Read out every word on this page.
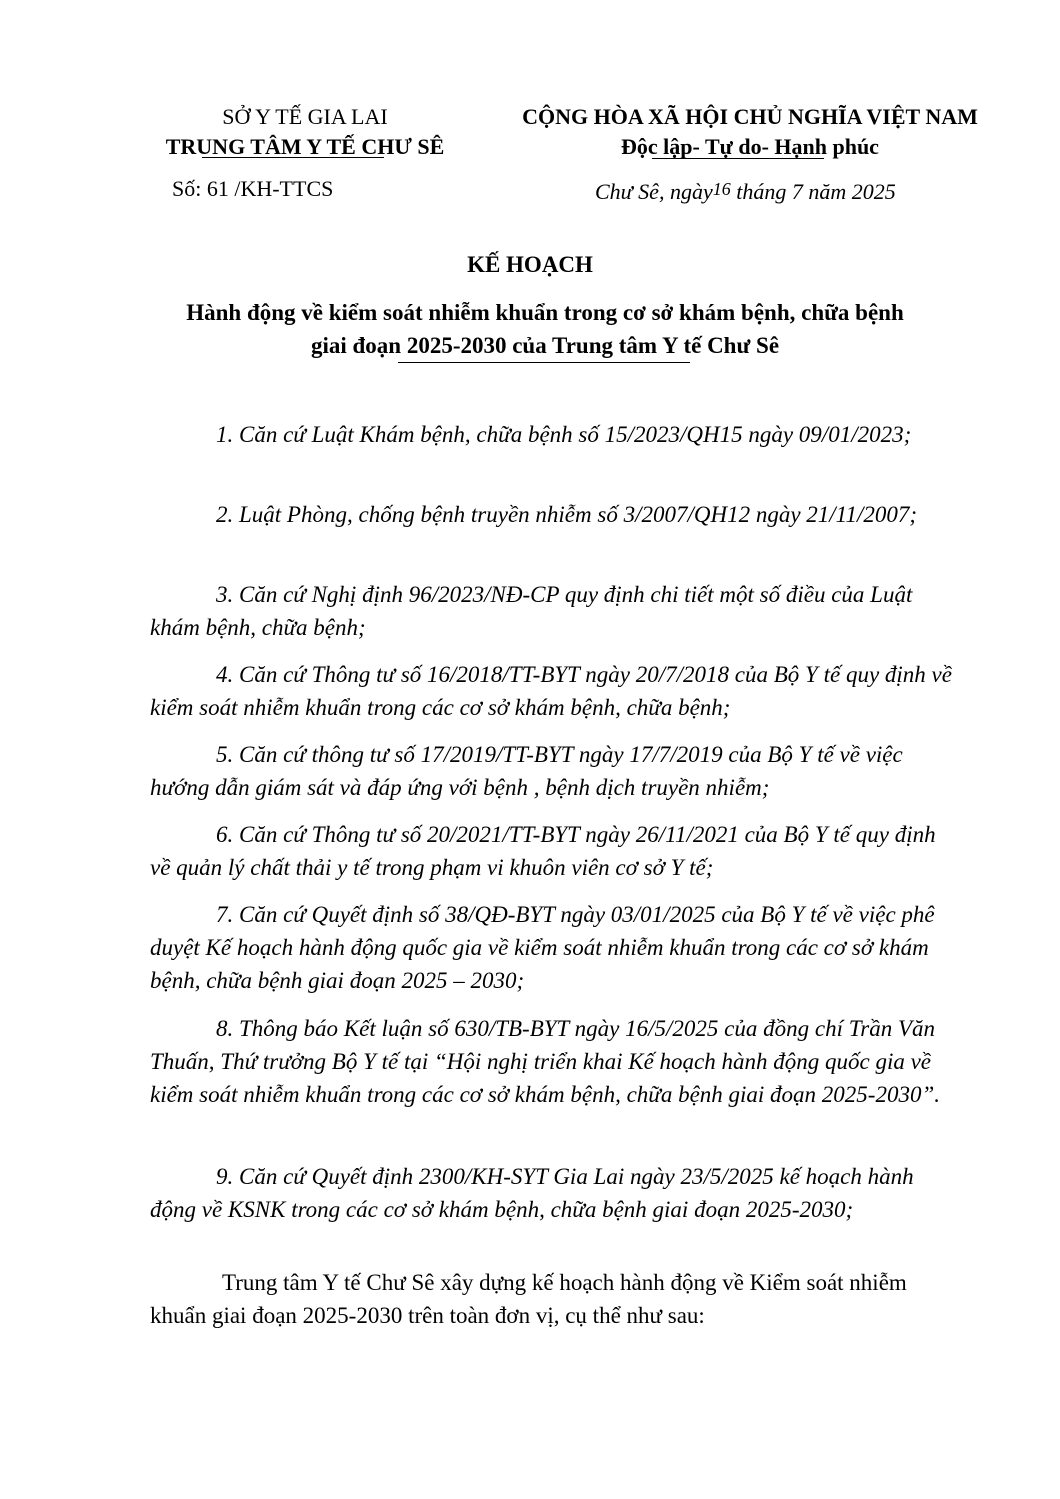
SỞ Y TẾ GIA LAI
TRUNG TÂM Y TẾ CHƯ SÊ
CỘNG HÒA XÃ HỘI CHỦ NGHĨA VIỆT NAM
Độc lập- Tự do- Hạnh phúc
Số: 61 /KH-TTCS	Chư Sê, ngày16 tháng 7 năm 2025
KẾ HOẠCH
Hành động về kiểm soát nhiễm khuẩn trong cơ sở khám bệnh, chữa bệnh
giai đoạn 2025-2030 của Trung tâm Y tế Chư Sê

1. Căn cứ Luật Khám bệnh, chữa bệnh số 15/2023/QH15 ngày 09/01/2023;

2. Luật Phòng, chống bệnh truyền nhiễm số 3/2007/QH12 ngày 21/11/2007;

3. Căn cứ Nghị định 96/2023/NĐ-CP quy định chi tiết một số điều của Luật khám bệnh, chữa bệnh;

4. Căn cứ Thông tư số 16/2018/TT-BYT ngày 20/7/2018 của Bộ Y tế quy định về kiểm soát nhiễm khuẩn trong các cơ sở khám bệnh, chữa bệnh;

5. Căn cứ thông tư số 17/2019/TT-BYT ngày 17/7/2019 của Bộ Y tế về việc hướng dẫn giám sát và đáp ứng với bệnh , bệnh dịch truyền nhiễm;

6. Căn cứ Thông tư số 20/2021/TT-BYT ngày 26/11/2021 của Bộ Y tế quy định về quản lý chất thải y tế trong phạm vi khuôn viên cơ sở Y tế;

7. Căn cứ Quyết định số 38/QĐ-BYT ngày 03/01/2025 của Bộ Y tế về việc phê duyệt Kế hoạch hành động quốc gia về kiểm soát nhiễm khuẩn trong các cơ sở khám bệnh, chữa bệnh giai đoạn 2025 – 2030;

8. Thông báo Kết luận số 630/TB-BYT ngày 16/5/2025 của đồng chí Trần Văn Thuấn, Thứ trưởng Bộ Y tế tại “Hội nghị triển khai Kế hoạch hành động quốc gia về kiểm soát nhiễm khuẩn trong các cơ sở khám bệnh, chữa bệnh giai đoạn 2025-2030”.

9. Căn cứ Quyết định 2300/KH-SYT Gia Lai ngày 23/5/2025 kế hoạch hành động về KSNK trong các cơ sở khám bệnh, chữa bệnh giai đoạn 2025-2030;

Trung tâm Y tế Chư Sê xây dựng kế hoạch hành động về Kiểm soát nhiễm khuẩn giai đoạn 2025-2030 trên toàn đơn vị, cụ thể như sau:
